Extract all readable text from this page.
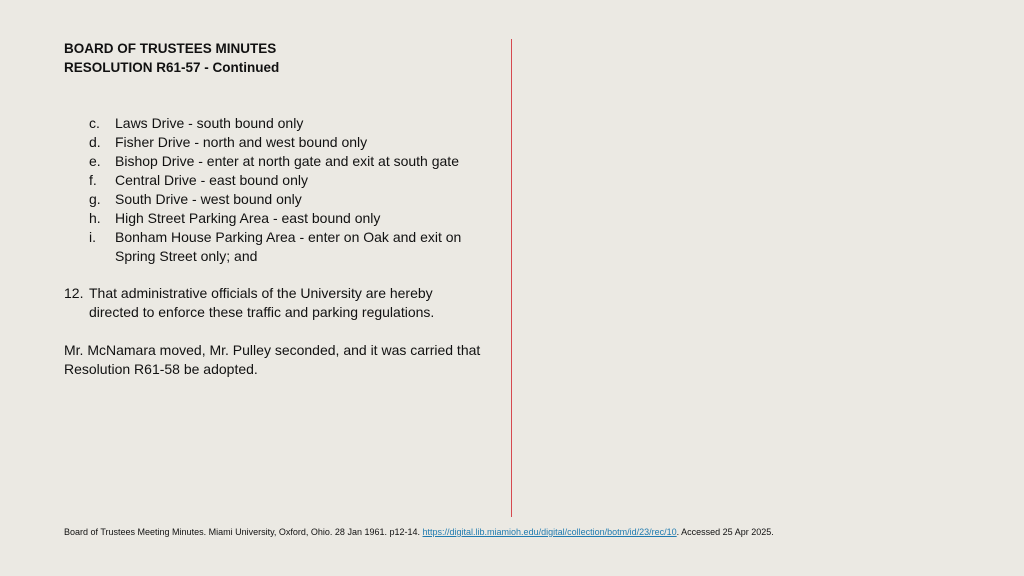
BOARD OF TRUSTEES MINUTES
RESOLUTION R61-57 - Continued
c. Laws Drive - south bound only
d. Fisher Drive - north and west bound only
e. Bishop Drive - enter at north gate and exit at south gate
f. Central Drive - east bound only
g. South Drive - west bound only
h. High Street Parking Area - east bound only
i. Bonham House Parking Area - enter on Oak and exit on Spring Street only; and
12. That administrative officials of the University are hereby directed to enforce these traffic and parking regulations.
Mr. McNamara moved, Mr. Pulley seconded, and it was carried that Resolution R61-58 be adopted.
Board of Trustees Meeting Minutes. Miami University, Oxford, Ohio. 28 Jan 1961. p12-14. https://digital.lib.miamioh.edu/digital/collection/botm/id/23/rec/10. Accessed 25 Apr 2025.
